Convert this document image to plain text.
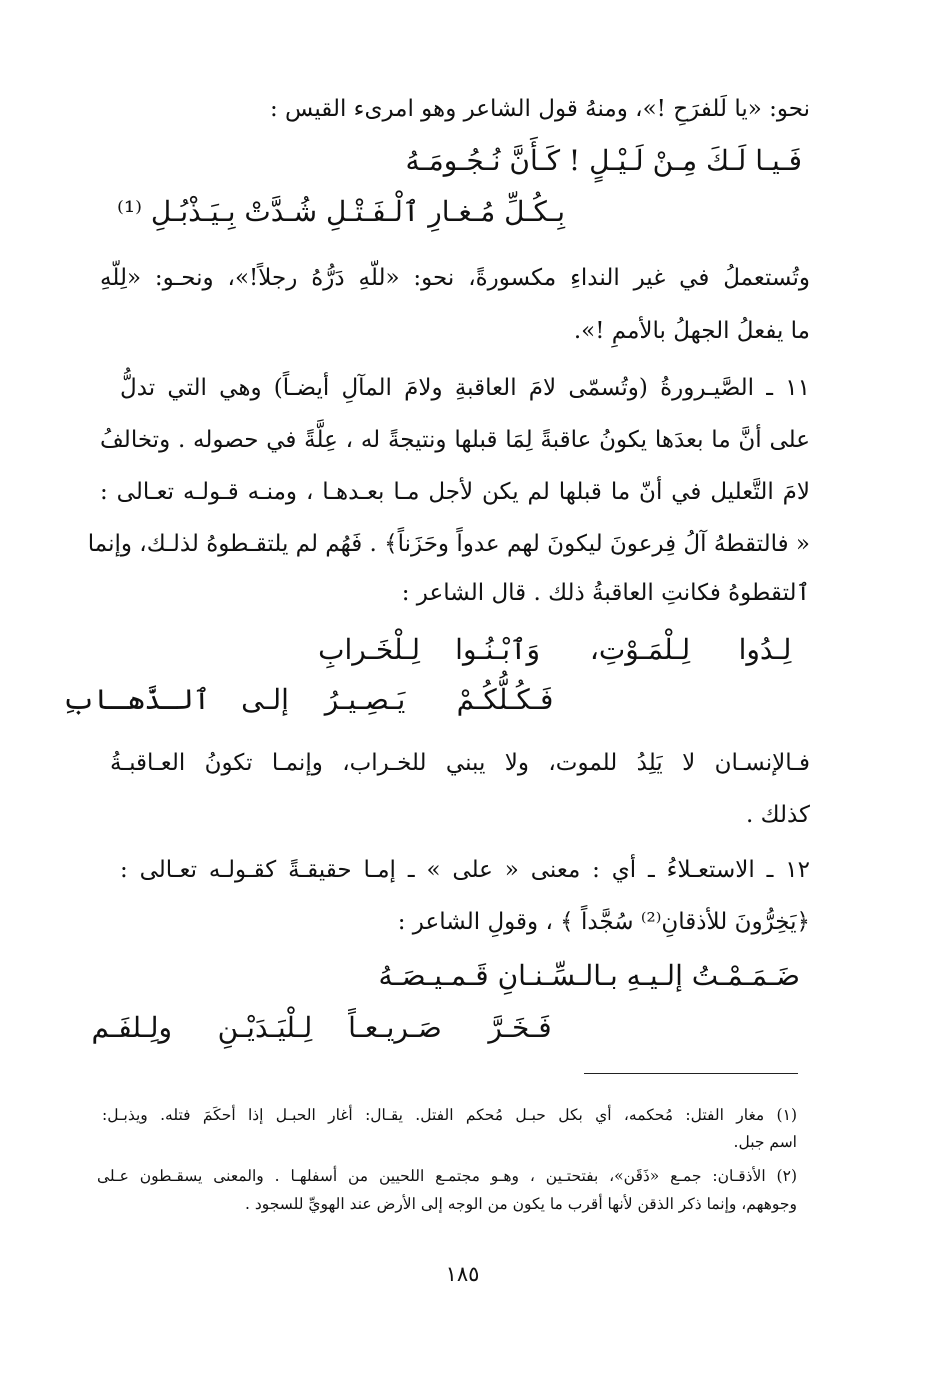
نحو: «يا لَلفرَحِ !»، ومنهُ قول الشاعر وهو امرىء القيس :
فَـيـا لَـكَ مِـنْ لَـيْـلٍ ! كَـأَنَّ نُـجُـومَـهُ
بِـكُـلِّ مُـغـارِ ٱلْـفَـتْـلِ شُـدَّتْ بِـيَـذْبُـلِ ⁽¹⁾
وتُستعملُ في غير النداءِ مكسورةً، نحو: «للّهِ دَرُّهُ رجلاً!»، ونحـو: «لِلّهِ
ما يفعلُ الجهلُ بالأممِ !».
١١ ـ الصَّيـرورةُ (وتُسمّى لامَ العاقبةِ ولامَ المآلِ أيضـاً) وهي التي تدلُّ
على أنَّ ما بعدَها يكونُ عاقبةً لِمَا قبلها ونتيجةً له ، عِلَّةً في حصوله . وتخالفُ
لامَ التَّعليل في أنّ ما قبلها لم يكن لأجل مـا بعـدهـا ، ومنـه قـولـه تعـالى :
« فالتقطهُ آلُ فِرعونَ ليكونَ لهم عدواً وحَزَناً﴾ . فَهُم لم يلتقـطوهُ لذلـك، وإنما
ٱلتقطوهُ فكانتِ العاقبةُ ذلك . قال الشاعر :
لِـلْخَـرابِ وَٱبْـنُـوا لِـلْمَـوْتِ،	لِـدُوا
ٱلـذَّهـابِ	إلـى	يَـصِـيـرُ	فَـكُـلُّكُـمْ
فـالإنسـان لا يَلِدُ للموت، ولا يبني للخـراب، وإنمـا تكونُ العـاقبـةُ
كذلك .
١٢ ـ الاستعـلاءُ ـ أي : معنى « على » ـ إمـا حقيقـةً كقـولـه تعـالى :
﴿يَخِرُّونَ للأذقانِ⁽²⁾ سُجَّداً ﴾ ، وقولِ الشاعر :
ضَـمَـمْـتُ إلـيـهِ بـالـسِّـنـانِ قَـمـيـصَـهُ
ولِـلفَـم لِـلْيَـدَيْـنِ صَـريـعـاً	فَـخَـرَّ
(١) مغار الفتل: مُحكمه، أي بكل حبـل مُحكم الفتل. يقـال: أغار الحبـل إذا أحكَمَ فتله. ويذبـل:
اسم جبل.
(٢) الأذقـان: جمـع «ذَقَن»، بفتحتـين ، وهـو مجتمـع اللحيين من أسفلهـا . والمعنى يسقـطون عـلى
وجوههم، وإنما ذكر الذقن لأنها أقرب ما يكون من الوجه إلى الأرض عند الهويِّ للسجود .
١٨٥
